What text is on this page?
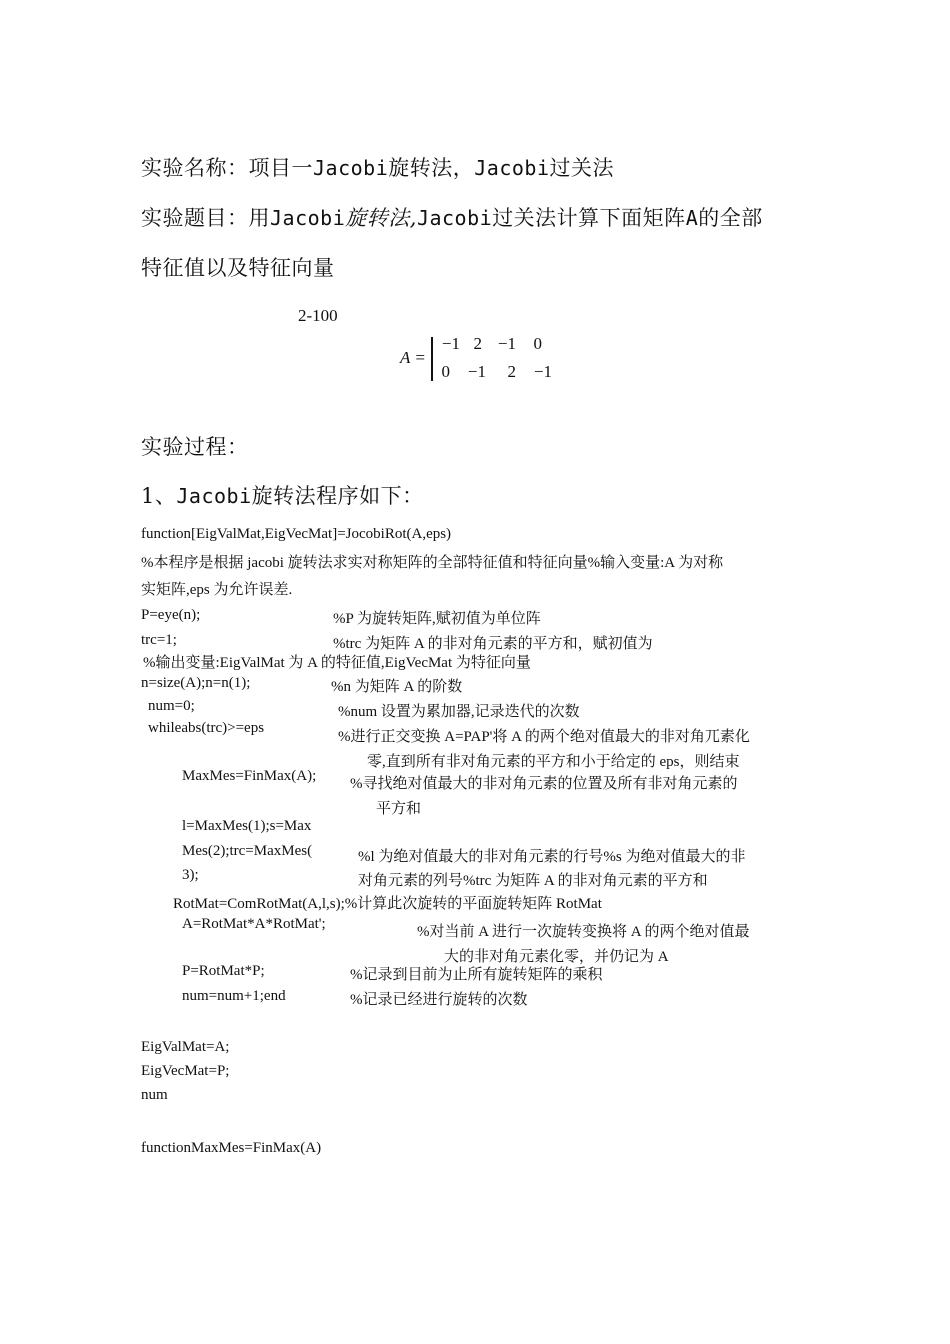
实验名称：项目一Jacobi旋转法，Jacobi过关法
实验题目：用Jacobi旋转法,Jacobi过关法计算下面矩阵A的全部
特征值以及特征向量
2-100
A =
−1 2 −1 0
0 −1 2 −1
实验过程：
1、Jacobi旋转法程序如下：
function[EigValMat,EigVecMat]=JocobiRot(A,eps)
%本程序是根据 jacobi 旋转法求实对称矩阵的全部特征值和特征向量%输入变量:A 为对称
实矩阵,eps 为允许误差.
P=eye(n);	%P 为旋转矩阵,赋初值为单位阵
trc=1;	%trc 为矩阵 A 的非对角元素的平方和，赋初值为
%输出变量:EigValMat 为 A 的特征值,EigVecMat 为特征向量
n=size(A);n=n(1);	%n 为矩阵 A 的阶数
num=0;	%num 设置为累加器,记录迭代的次数
whileabs(trc)>=eps
%进行正交变换 A=PAP'将 A 的两个绝对值最大的非对角兀素化
零,直到所有非对角元素的平方和小于给定的 eps，则结束
MaxMes=FinMax(A); %寻找绝对值最大的非对角元素的位置及所有非对角元素的
平方和
l=MaxMes(1);s=Max
Mes(2);trc=MaxMes(	%l 为绝对值最大的非对角元素的行号%s 为绝对值最大的非
3);	对角元素的列号%trc 为矩阵 A 的非对角元素的平方和
RotMat=ComRotMat(A,l,s);%计算此次旋转的平面旋转矩阵 RotMat
A=RotMat*A*RotMat';	%对当前 A 进行一次旋转变换将 A 的两个绝对值最
大的非对角元素化零，并仍记为 A
P=RotMat*P;	%记录到目前为止所有旋转矩阵的乘积
num=num+1;end	%记录已经进行旋转的次数
EigValMat=A;
EigVecMat=P;
num
functionMaxMes=FinMax(A)
